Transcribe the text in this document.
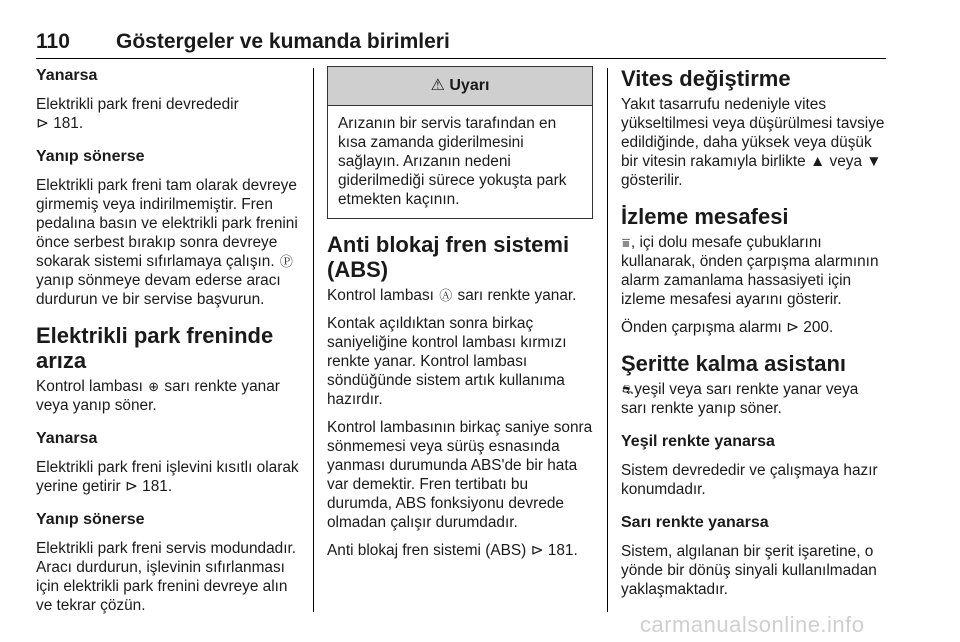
110 Göstergeler ve kumanda birimleri

Yanarsa

Elektrikli park freni devrededir
⊳ 181.

Yanıp sönerse

Elektrikli park freni tam olarak devreye girmemiş veya indirilmemiştir. Fren pedalına basın ve elektrikli park frenini önce serbest bırakıp sonra devreye sokarak sistemi sıfırlamaya çalışın. Ⓟ yanıp sönmeye devam ederse aracı durdurun ve bir servise başvurun.

Elektrikli park freninde arıza

Kontrol lambası ⊕ sarı renkte yanar veya yanıp söner.

Yanarsa

Elektrikli park freni işlevini kısıtlı olarak yerine getirir ⊳ 181.

Yanıp sönerse

Elektrikli park freni servis modundadır. Aracı durdurun, işlevinin sıfırlanması için elektrikli park frenini devreye alın ve tekrar çözün.

⚠ Uyarı
Arızanın bir servis tarafından en kısa zamanda giderilmesini sağlayın. Arızanın nedeni giderilmediği sürece yokuşta park etmekten kaçının.

Anti blokaj fren sistemi (ABS)

Kontrol lambası Ⓐ sarı renkte yanar.

Kontak açıldıktan sonra birkaç saniyeliğine kontrol lambası kırmızı renkte yanar. Kontrol lambası söndüğünde sistem artık kullanıma hazırdır.

Kontrol lambasının birkaç saniye sonra sönmemesi veya sürüş esnasında yanması durumunda ABS'de bir hata var demektir. Fren tertibatı bu durumda, ABS fonksiyonu devrede olmadan çalışır durumdadır.

Anti blokaj fren sistemi (ABS) ⊳ 181.

Vites değiştirme

Yakıt tasarrufu nedeniyle vites yükseltilmesi veya düşürülmesi tavsiye edildiğinde, daha yüksek veya düşük bir vitesin rakamıyla birlikte ▲ veya ▼ gösterilir.

İzleme mesafesi

⩸, içi dolu mesafe çubuklarını kullanarak, önden çarpışma alarmının alarm zamanlama hassasiyeti için izleme mesafesi ayarını gösterir.

Önden çarpışma alarmı ⊳ 200.

Şeritte kalma asistanı

⛐yeşil veya sarı renkte yanar veya sarı renkte yanıp söner.

Yeşil renkte yanarsa

Sistem devrededir ve çalışmaya hazır konumdadır.

Sarı renkte yanarsa

Sistem, algılanan bir şerit işaretine, o yönde bir dönüş sinyali kullanılmadan yaklaşmaktadır.

carmanualsonline.info
